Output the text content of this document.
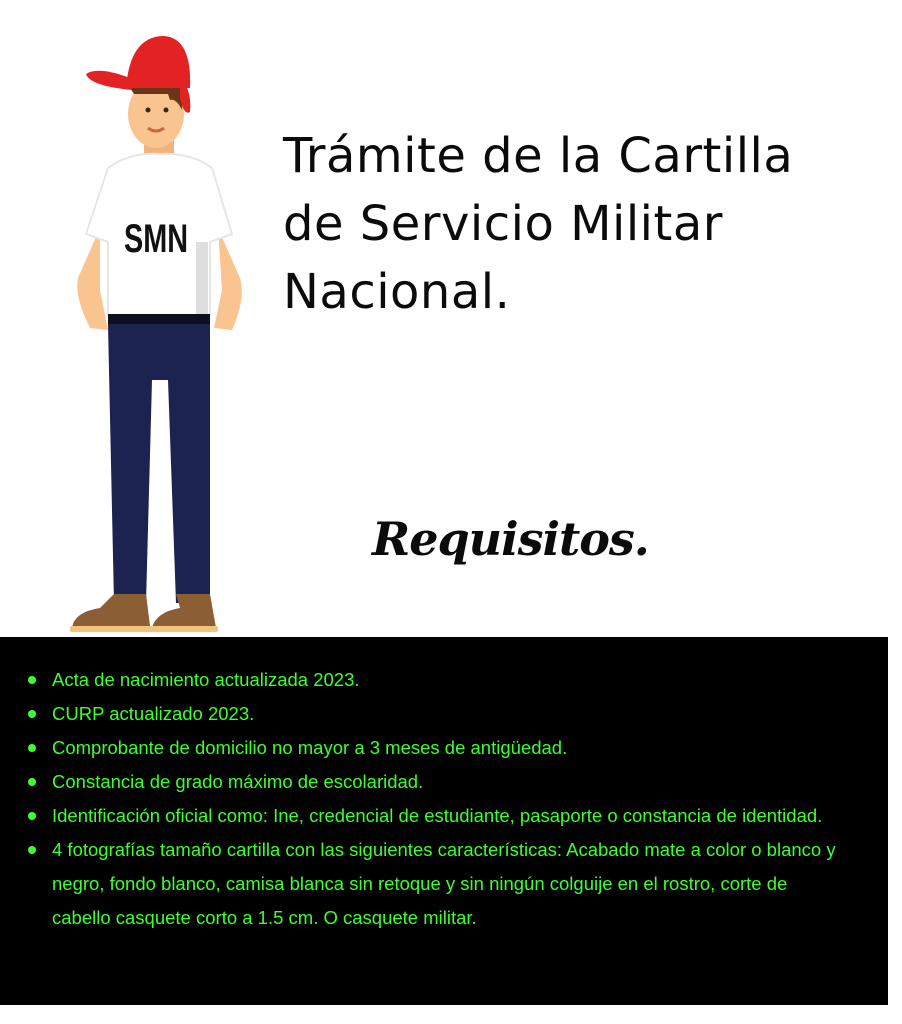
SMN
Trámite de la Cartilla
de Servicio Militar
Nacional.
Requisitos.
Acta de nacimiento actualizada 2023.
CURP actualizado 2023.
Comprobante de domicilio no mayor a 3 meses de antigüedad.
Constancia de grado máximo de escolaridad.
Identificación oficial como: Ine, credencial de estudiante, pasaporte o constancia de identidad.
4 fotografías tamaño cartilla con las siguientes características: Acabado mate a color o blanco y negro, fondo blanco, camisa blanca sin retoque y sin ningún colguije en el rostro, corte de cabello casquete corto a 1.5 cm. O casquete militar.
